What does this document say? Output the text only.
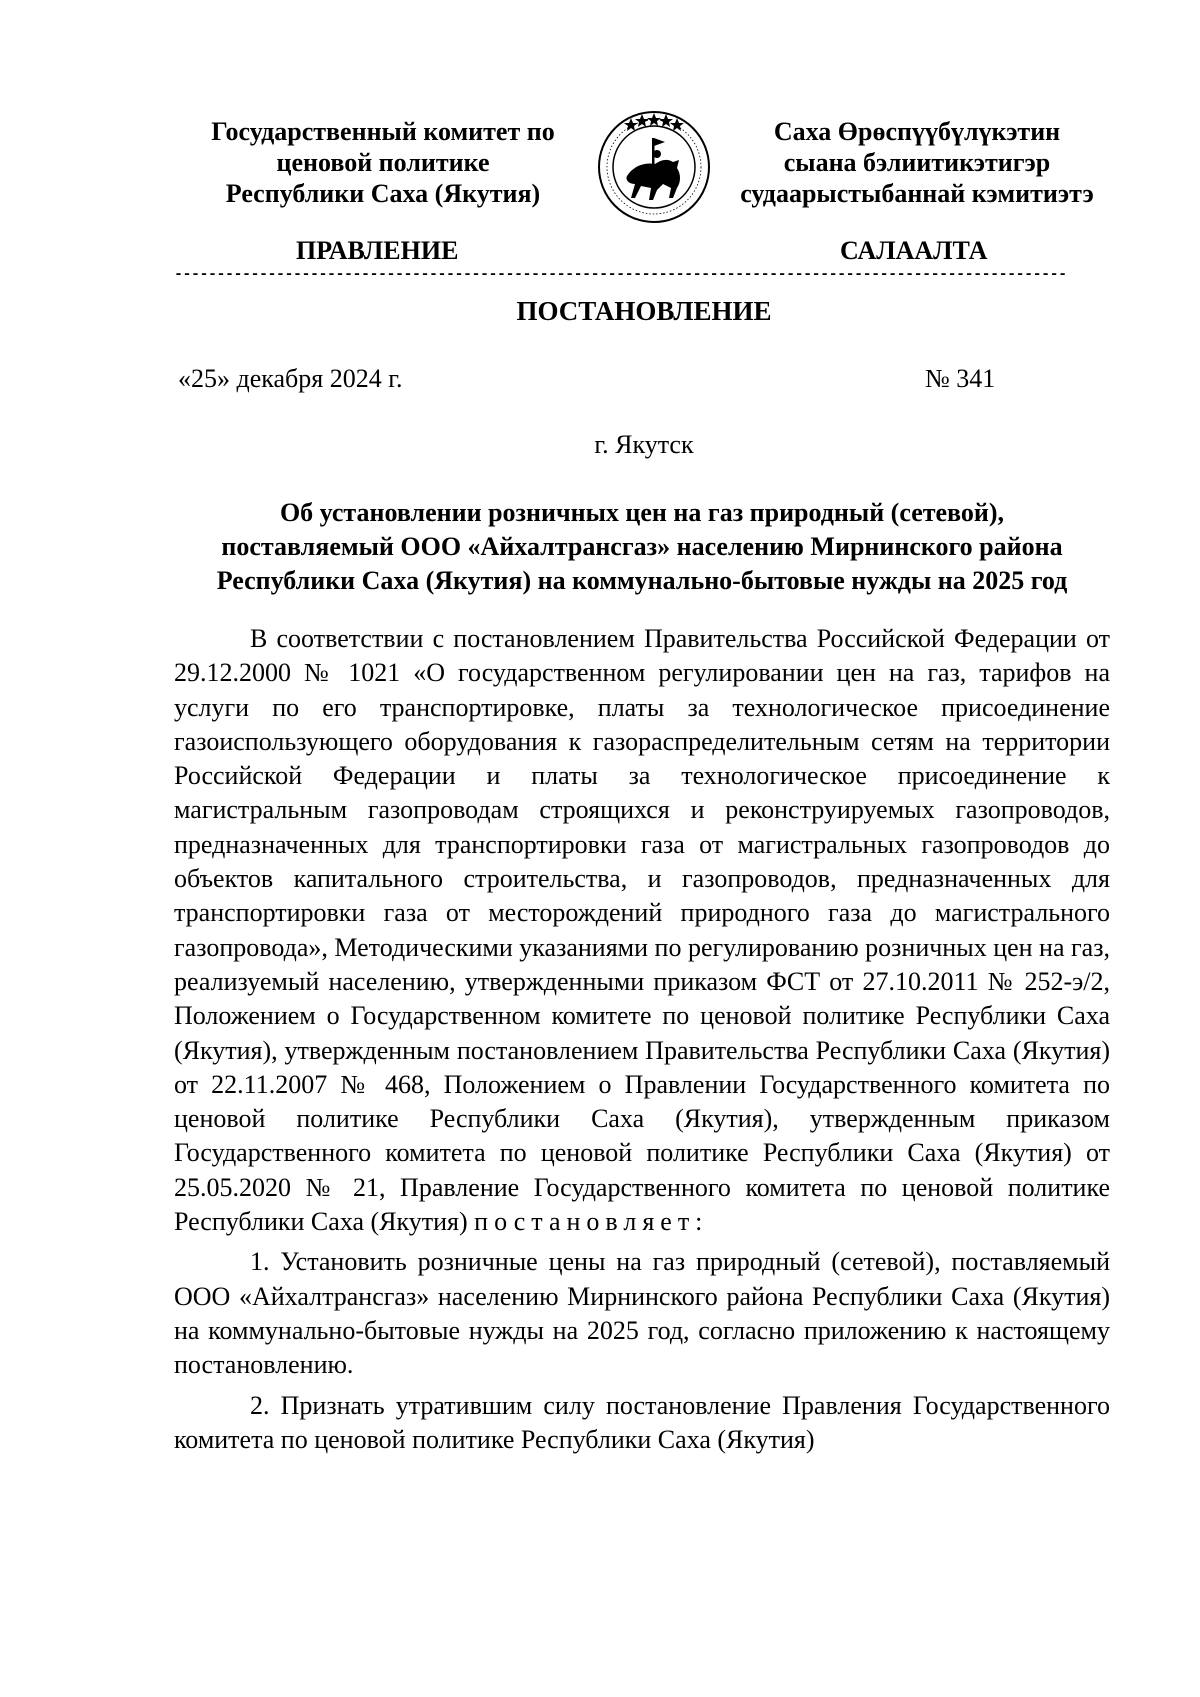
Государственный комитет по
ценовой политике
Республики Саха (Якутия)
Саха Өрөспүүбүлүкэтин
сыана бэлиитикэтигэр
судаарыстыбаннай кэмитиэтэ
ПРАВЛЕНИЕ	САЛААЛТА
---------------------------------------------------------------------------------------------------------
ПОСТАНОВЛЕНИЕ
«25» декабря 2024 г.	№ 341
г. Якутск
Об установлении розничных цен на газ природный (сетевой),
поставляемый ООО «Айхалтрансгаз» населению Мирнинского района
Республики Саха (Якутия) на коммунально-бытовые нужды на 2025 год

В соответствии с постановлением Правительства Российской Федерации от 29.12.2000 № 1021 «О государственном регулировании цен на газ, тарифов на услуги по его транспортировке, платы за технологическое присоединение газоиспользующего оборудования к газораспределительным сетям на территории Российской Федерации и платы за технологическое присоединение к магистральным газопроводам строящихся и реконструируемых газопроводов, предназначенных для транспортировки газа от магистральных газопроводов до объектов капитального строительства, и газопроводов, предназначенных для транспортировки газа от месторождений природного газа до магистрального газопровода», Методическими указаниями по регулированию розничных цен на газ, реализуемый населению, утвержденными приказом ФСТ от 27.10.2011 № 252-э/2, Положением о Государственном комитете по ценовой политике Республики Саха (Якутия), утвержденным постановлением Правительства Республики Саха (Якутия) от 22.11.2007 № 468, Положением о Правлении Государственного комитета по ценовой политике Республики Саха (Якутия), утвержденным приказом Государственного комитета по ценовой политике Республики Саха (Якутия) от 25.05.2020 № 21, Правление Государственного комитета по ценовой политике Республики Саха (Якутия) постановляет:

1. Установить розничные цены на газ природный (сетевой), поставляемый ООО «Айхалтрансгаз» населению Мирнинского района Республики Саха (Якутия) на коммунально-бытовые нужды на 2025 год, согласно приложению к настоящему постановлению.

2. Признать утратившим силу постановление Правления Государственного комитета по ценовой политике Республики Саха (Якутия)
